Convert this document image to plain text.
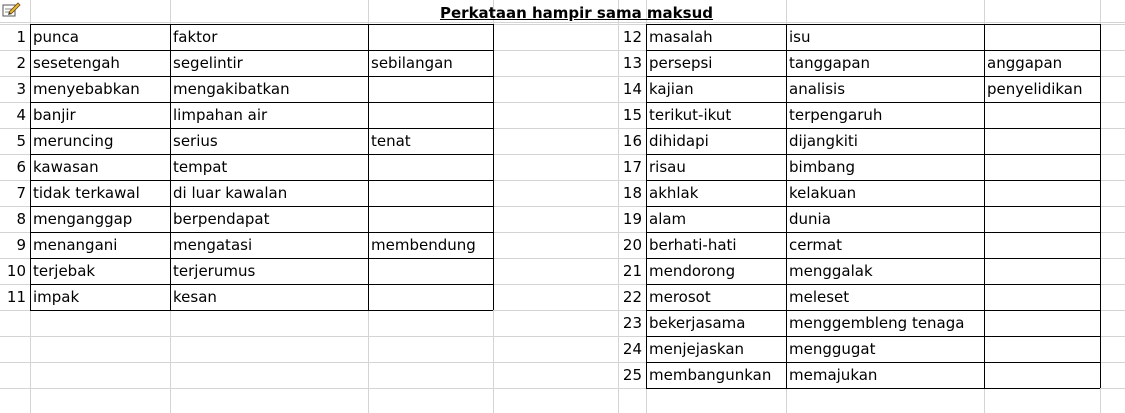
Perkataan hampir sama maksud
1 punca	faktor
2 sesetengah	segelintir	sebilangan
3 menyebabkan	mengakibatkan
4 banjir	limpahan air
5 meruncing	serius	tenat
6 kawasan	tempat
7 tidak terkawal	di luar kawalan
8 menganggap	berpendapat
9 menangani	mengatasi	membendung
10 terjebak	terjerumus
11 impak	kesan
12 masalah	isu
13 persepsi	tanggapan	anggapan
14 kajian	analisis	penyelidikan
15 terikut-ikut	terpengaruh
16 dihidapi	dijangkiti
17 risau	bimbang
18 akhlak	kelakuan
19 alam	dunia
20 berhati-hati	cermat
21 mendorong	menggalak
22 merosot	meleset
23 bekerjasama	menggembleng tenaga
24 menjejaskan	menggugat
25 membangunkan	memajukan
